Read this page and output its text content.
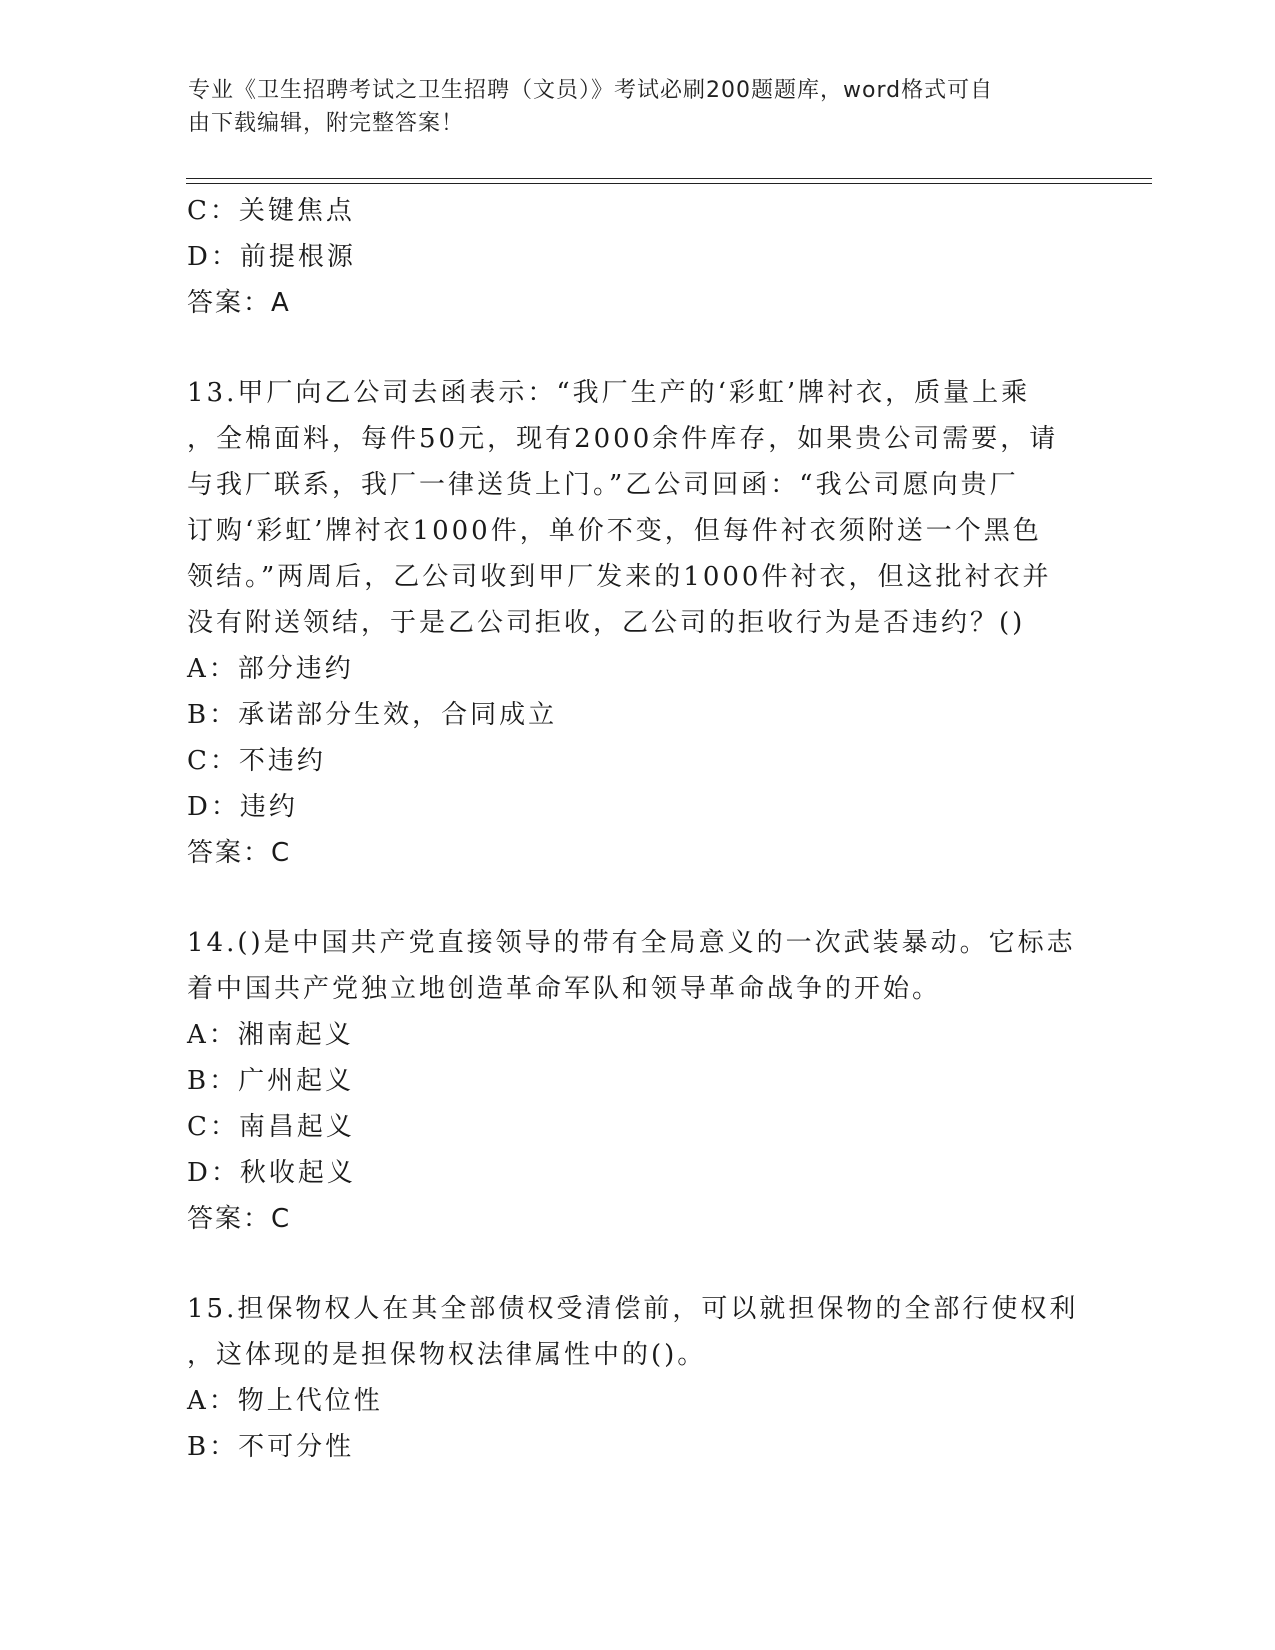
专业《卫生招聘考试之卫生招聘（文员）》考试必刷200题题库，word格式可自
由下载编辑，附完整答案！
C：关键焦点
D：前提根源
答案：A
13.甲厂向乙公司去函表示：“我厂生产的‘彩虹’牌衬衣，质量上乘
，全棉面料，每件50元，现有2000余件库存，如果贵公司需要，请
与我厂联系，我厂一律送货上门。”乙公司回函：“我公司愿向贵厂
订购‘彩虹’牌衬衣1000件，单价不变，但每件衬衣须附送一个黑色
领结。”两周后，乙公司收到甲厂发来的1000件衬衣，但这批衬衣并
没有附送领结，于是乙公司拒收，乙公司的拒收行为是否违约？()
A：部分违约
B：承诺部分生效，合同成立
C：不违约
D：违约
答案：C
14.()是中国共产党直接领导的带有全局意义的一次武装暴动。它标志
着中国共产党独立地创造革命军队和领导革命战争的开始。
A：湘南起义
B：广州起义
C：南昌起义
D：秋收起义
答案：C
15.担保物权人在其全部债权受清偿前，可以就担保物的全部行使权利
，这体现的是担保物权法律属性中的()。
A：物上代位性
B：不可分性
